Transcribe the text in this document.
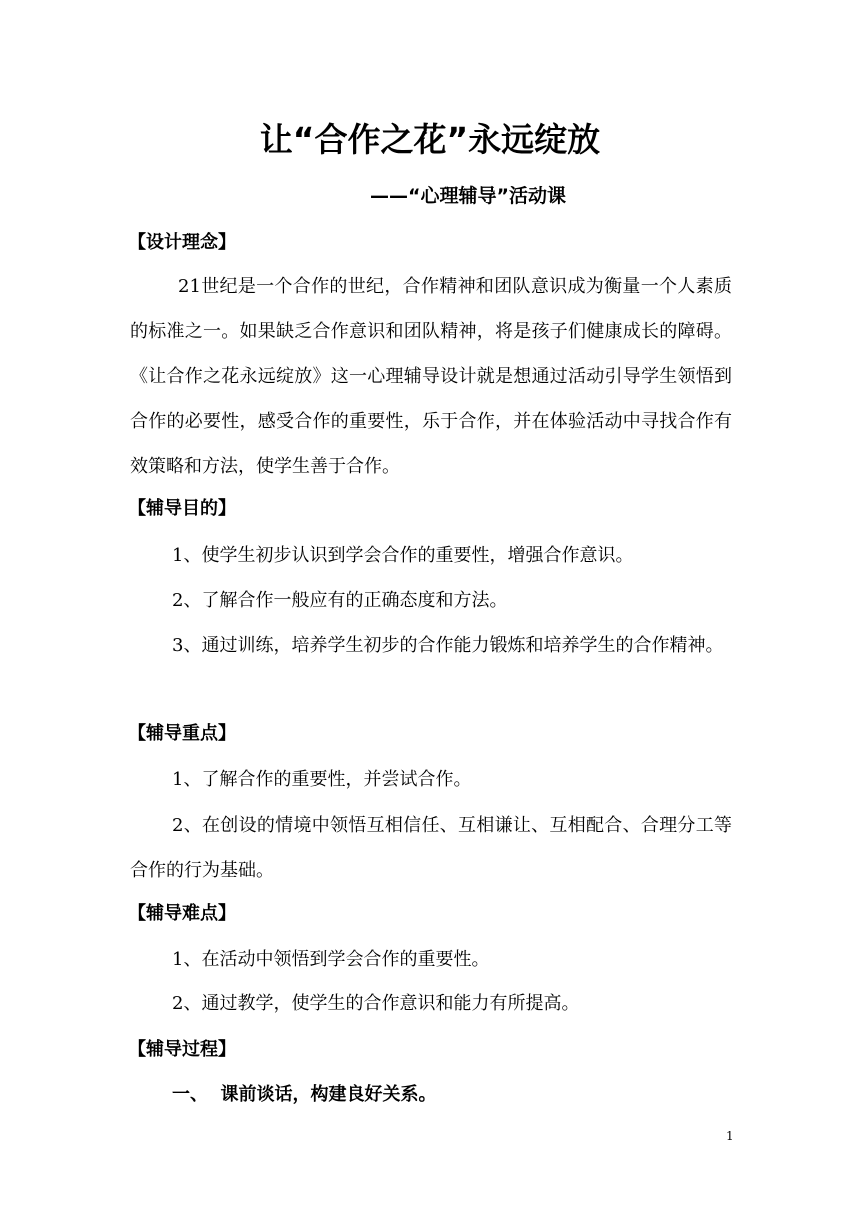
让“合作之花”永远绽放
——“心理辅导”活动课
【设计理念】
21世纪是一个合作的世纪，合作精神和团队意识成为衡量一个人素质的标准之一。如果缺乏合作意识和团队精神，将是孩子们健康成长的障碍。《让合作之花永远绽放》这一心理辅导设计就是想通过活动引导学生领悟到合作的必要性，感受合作的重要性，乐于合作，并在体验活动中寻找合作有效策略和方法，使学生善于合作。
【辅导目的】
1、使学生初步认识到学会合作的重要性，增强合作意识。
2、了解合作一般应有的正确态度和方法。
3、通过训练，培养学生初步的合作能力锻炼和培养学生的合作精神。
【辅导重点】
1、了解合作的重要性，并尝试合作。
2、在创设的情境中领悟互相信任、互相谦让、互相配合、合理分工等合作的行为基础。
【辅导难点】
1、在活动中领悟到学会合作的重要性。
2、通过教学，使学生的合作意识和能力有所提高。
【辅导过程】
一、  课前谈话，构建良好关系。
1
